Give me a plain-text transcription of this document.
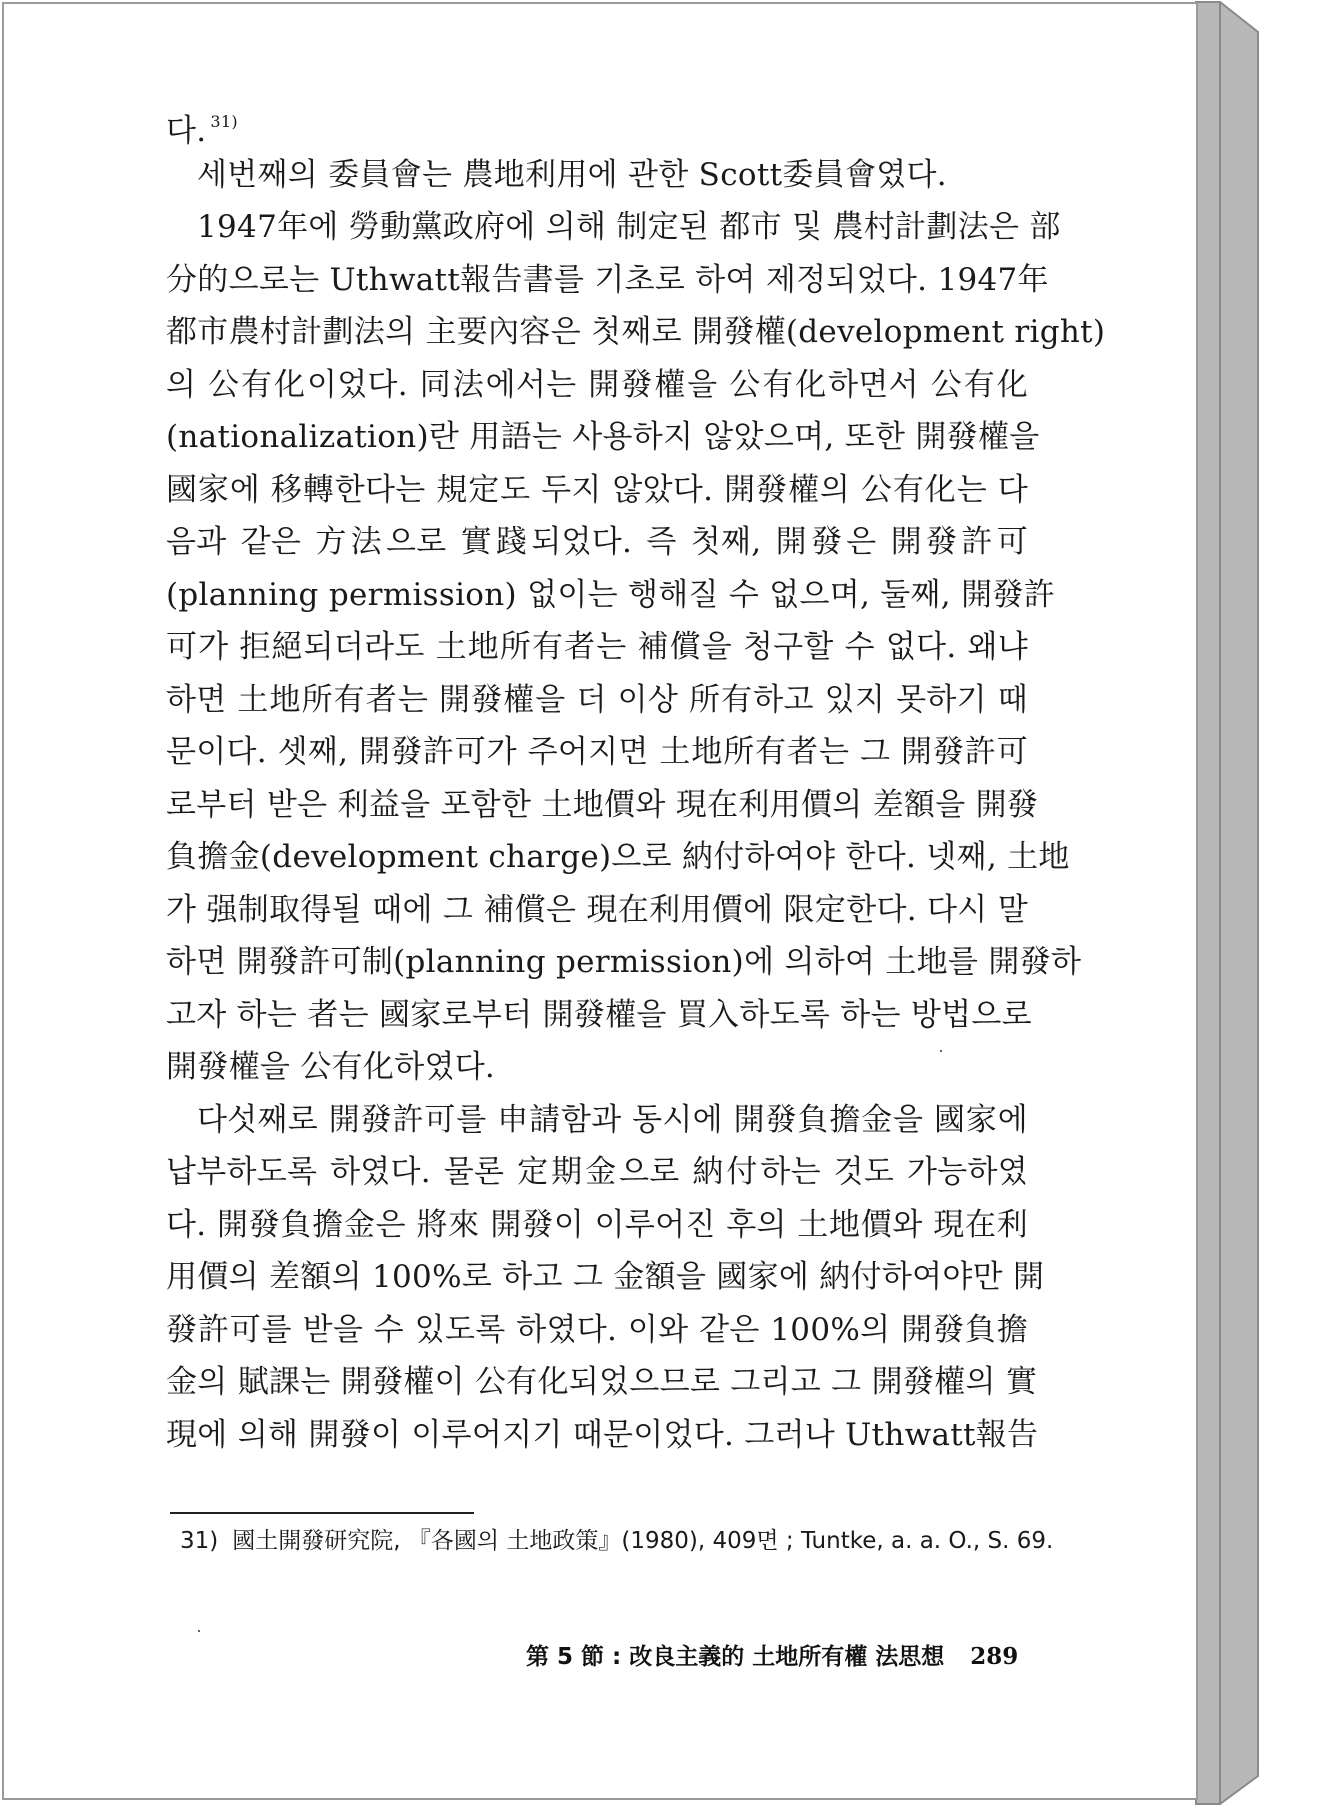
다. $^{31)}$
세번째의 委員會는 農地利用에 관한 Scott委員會였다.
1947年에 勞動黨政府에 의해 制定된 都市 및 農村計劃法은 部
分的으로는 Uthwatt報告書를 기초로 하여 제정되었다. 1947年
都市農村計劃法의 主要內容은 첫째로 開發權(development right)
의 公有化이었다. 同法에서는 開發權을 公有化하면서 公有化
(nationalization)란 用語는 사용하지 않았으며, 또한 開發權을
國家에 移轉한다는 規定도 두지 않았다. 開發權의 公有化는 다
음과 같은 方法으로 實踐되었다. 즉 첫째, 開發은 開發許可
(planning permission) 없이는 행해질 수 없으며, 둘째, 開發許
可가 拒絕되더라도 土地所有者는 補償을 청구할 수 없다. 왜냐
하면 土地所有者는 開發權을 더 이상 所有하고 있지 못하기 때
문이다. 셋째, 開發許可가 주어지면 土地所有者는 그 開發許可
로부터 받은 利益을 포함한 土地價와 現在利用價의 差額을 開發
負擔金(development charge)으로 納付하여야 한다. 넷째, 土地
가 强制取得될 때에 그 補償은 現在利用價에 限定한다. 다시 말
하면 開發許可制(planning permission)에 의하여 土地를 開發하
고자 하는 者는 國家로부터 開發權을 買入하도록 하는 방법으로
開發權을 公有化하였다.
다섯째로 開發許可를 申請함과 동시에 開發負擔金을 國家에
납부하도록 하였다. 물론 定期金으로 納付하는 것도 가능하였
다. 開發負擔金은 將來 開發이 이루어진 후의 土地價와 現在利
用價의 差額의 100%로 하고 그 金額을 國家에 納付하여야만 開
發許可를 받을 수 있도록 하였다. 이와 같은 100%의 開發負擔
金의 賦課는 開發權이 公有化되었으므로 그리고 그 開發權의 實
現에 의해 開發이 이루어지기 때문이었다. 그러나 Uthwatt報告
31) 國土開發研究院, 『各國의 土地政策』(1980), 409면 ; Tuntke, a. a. O., S. 69.
第 5 節 : 改良主義的 土地所有權 法思想 289
